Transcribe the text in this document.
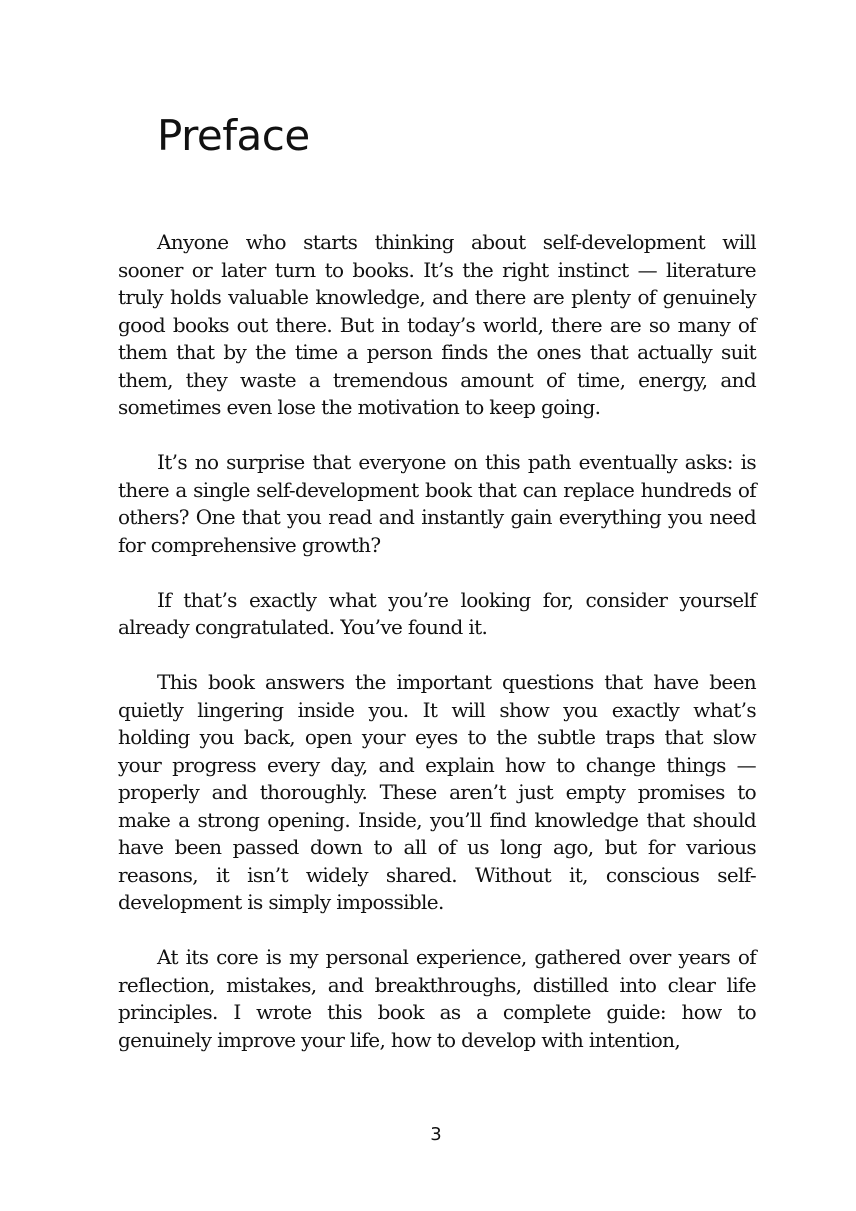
Preface

Anyone who starts thinking about self-development will sooner or later turn to books. It’s the right instinct — literature truly holds valuable knowledge, and there are plenty of genuinely good books out there. But in today’s world, there are so many of them that by the time a person finds the ones that actually suit them, they waste a tremendous amount of time, energy, and sometimes even lose the motivation to keep going.

It’s no surprise that everyone on this path eventually asks: is there a single self-development book that can replace hundreds of others? One that you read and instantly gain everything you need for comprehensive growth?

If that’s exactly what you’re looking for, consider yourself already congratulated. You’ve found it.

This book answers the important questions that have been quietly lingering inside you. It will show you exactly what’s holding you back, open your eyes to the subtle traps that slow your progress every day, and explain how to change things — properly and thoroughly. These aren’t just empty promises to make a strong opening. Inside, you’ll find knowledge that should have been passed down to all of us long ago, but for various reasons, it isn’t widely shared. Without it, conscious self-development is simply impossible.

At its core is my personal experience, gathered over years of reflection, mistakes, and breakthroughs, distilled into clear life principles. I wrote this book as a complete guide: how to genuinely improve your life, how to develop with intention,

3
